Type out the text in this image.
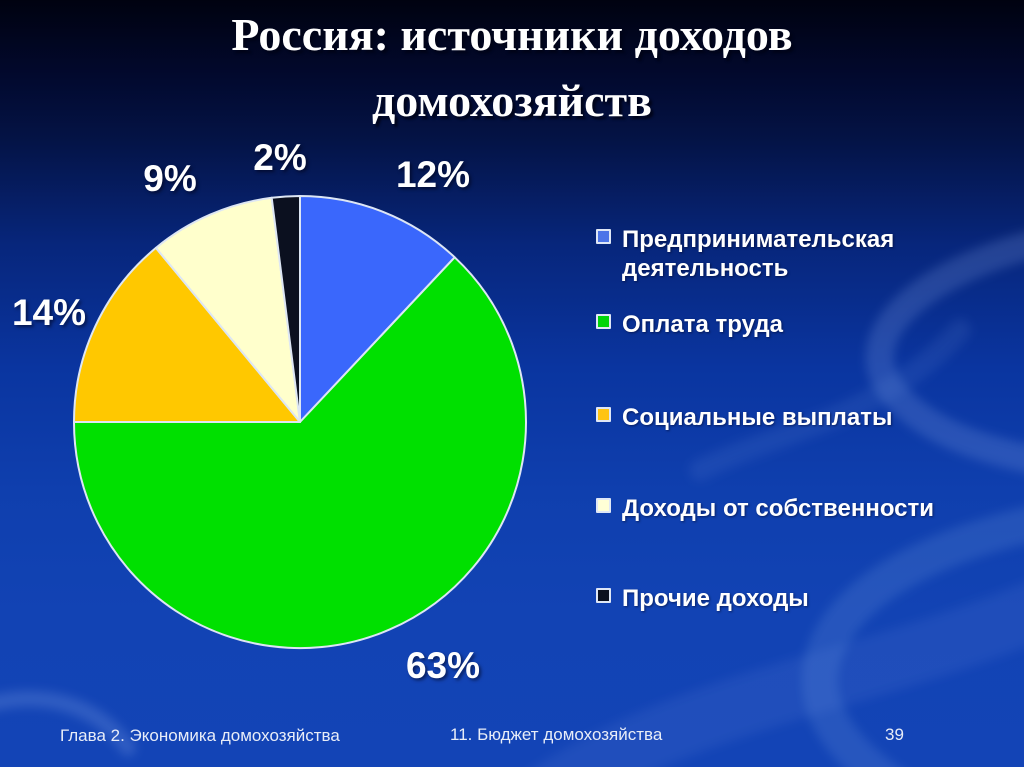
Россия: источники доходов домохозяйств
12%
63%
14%
9%
2%
Предпринимательская деятельность
Оплата труда
Социальные выплаты
Доходы от собственности
Прочие доходы
Глава 2. Экономика домохозяйства	11. Бюджет домохозяйства	39
